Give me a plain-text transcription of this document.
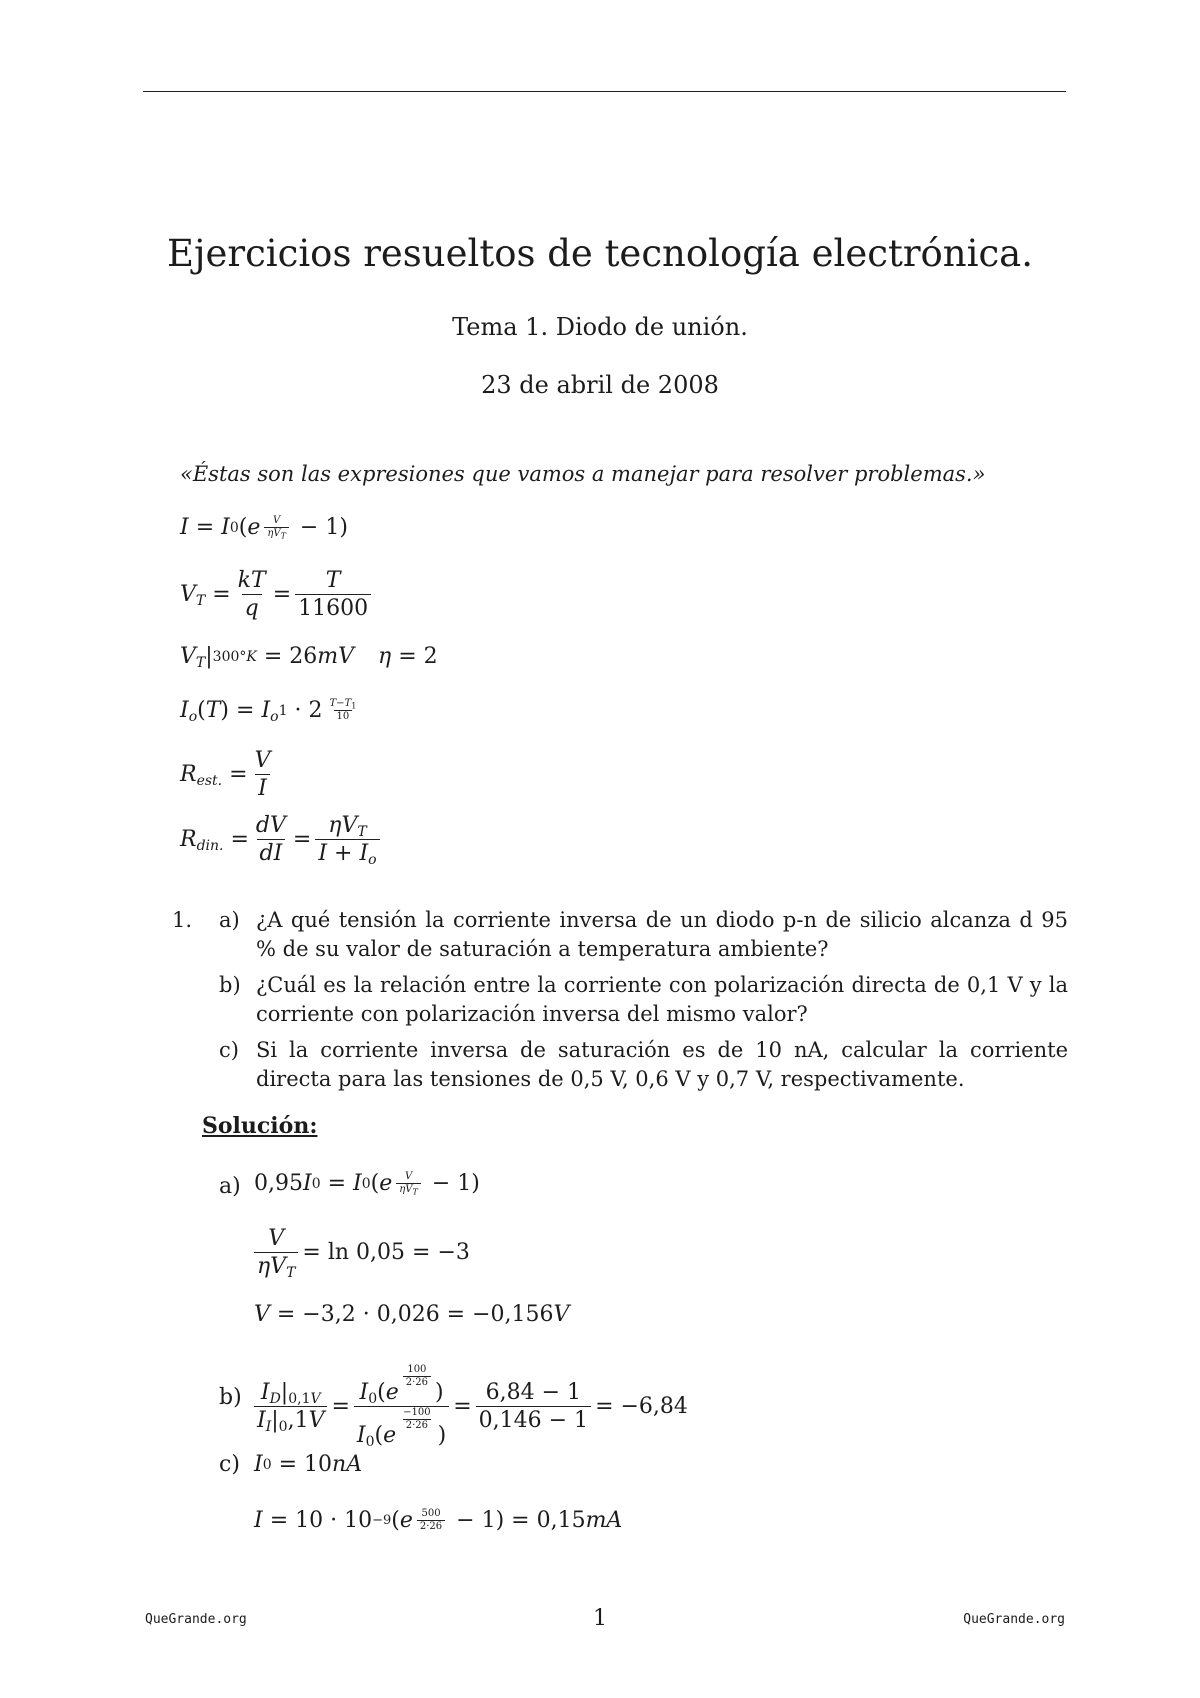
Ejercicios resueltos de tecnología electrónica.
Tema 1. Diodo de unión.
23 de abril de 2008
«Éstas son las expresiones que vamos a manejar para resolver problemas.»
I = I 0 ( e $\frac{V}{\eta V_T} - 1$)
$V_T = \frac{kT}{q} = \frac{T}{11600}$
$V_T$ | 300°K = 26 mV η = 2
$I_o$ ( T ) = $I_o$ $1 \cdot 2 \frac{T-T_1}{10}$
$R_{est.} = \frac{V}{I}$
$R_{din.} = \frac{dV}{dI} = \frac{\eta V_T}{I + I_o}$
1. a) ¿A qué tensión la corriente inversa de un diodo p-n de silicio alcanza d 95 % de su valor de saturación a temperatura ambiente?
b) ¿Cuál es la relación entre la corriente con polarización directa de 0,1 V y la corriente con polarización inversa del mismo valor?
c) Si la corriente inversa de saturación es de 10 nA, calcular la corriente directa para las tensiones de 0,5 V, 0,6 V y 0,7 V, respectivamente.
Solución:
a) 0,95 I 0 = I 0 ( e $\frac{V}{\eta V_T} - 1$)
$\frac{V}{\eta V_T} = \ln 0,05 = -3$
V = −3,2 · 0,026 = −0,156 V
$b) \frac{I_D|_{0,1V}}{I_I|_0,1V} = I_0(e$
$\frac{100}{2\cdot 26}$
)
$I_0(e$
$\frac{-100}{2\cdot 26}$
) = $\frac{6,84 - 1}{0,146 - 1} = -6,84$
c) I 0 = 10 nA
I = 10 · 10 −9 ( e $\frac{500}{2\cdot 26} - 1) = 0,15$ mA
QueGrande.org	1	QueGrande.org
